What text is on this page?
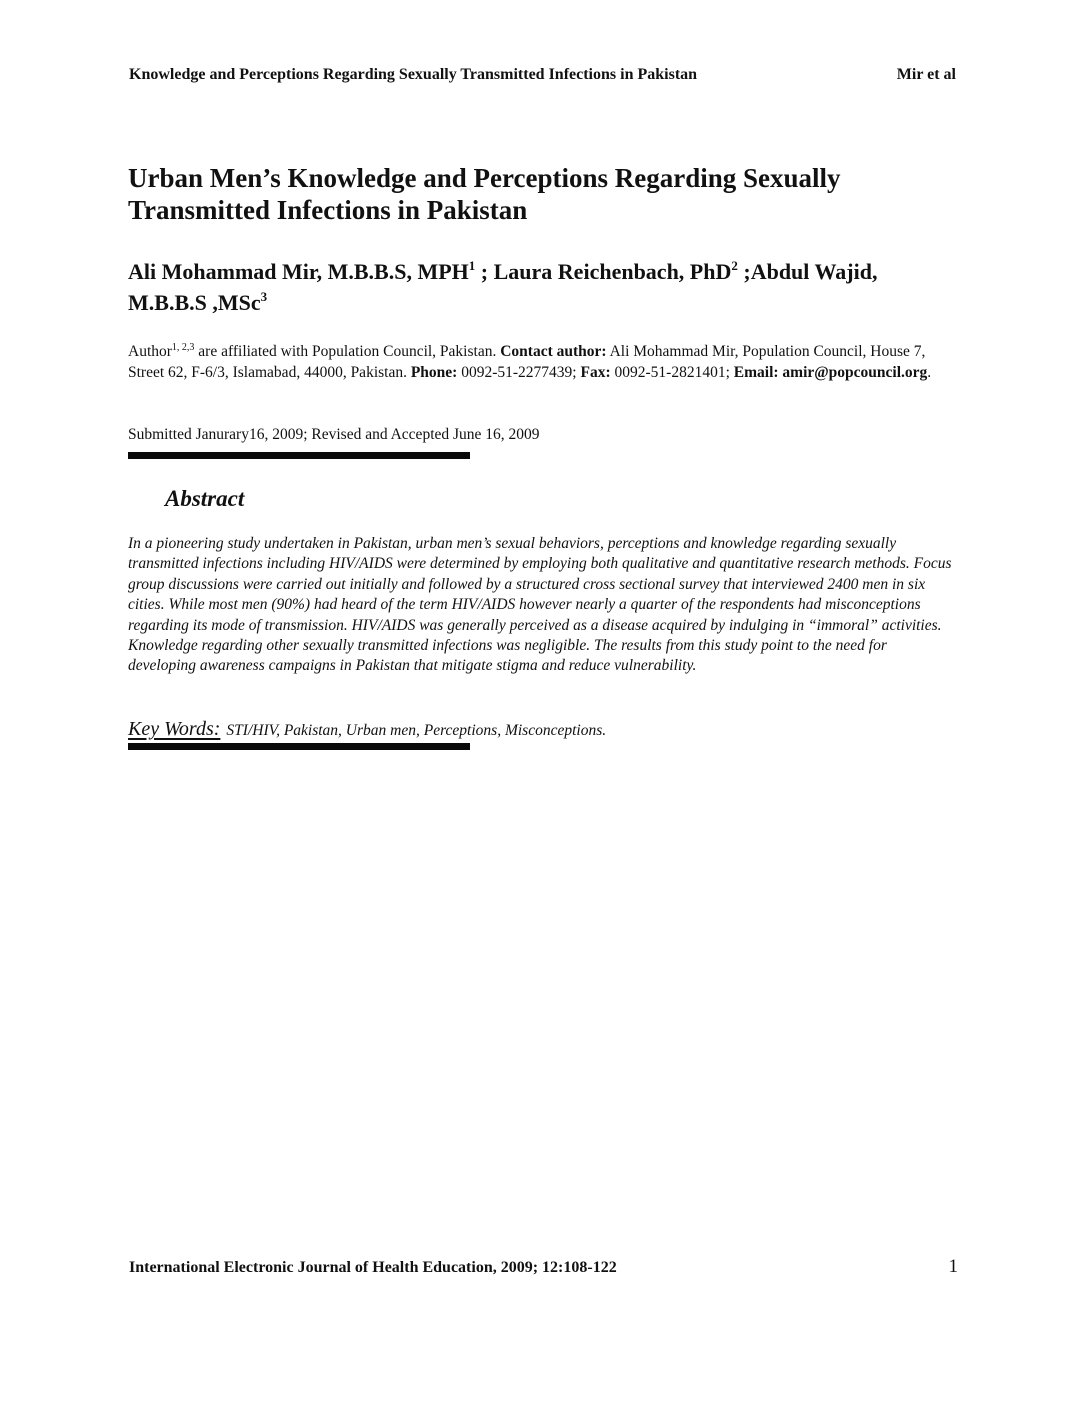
Knowledge and Perceptions Regarding Sexually Transmitted Infections in Pakistan	Mir et al
Urban Men’s Knowledge and Perceptions Regarding Sexually Transmitted Infections in Pakistan
Ali Mohammad Mir, M.B.B.S, MPH$^1$ ; Laura Reichenbach, PhD$^2$ ;Abdul Wajid, M.B.B.S ,MSc$^3$
Author$^{1, 2,3}$ are affiliated with Population Council, Pakistan. Contact author: Ali Mohammad Mir, Population Council, House 7, Street 62, F-6/3, Islamabad, 44000, Pakistan. Phone: 0092-51-2277439; Fax: 0092-51-2821401; Email: amir@popcouncil.org.
Submitted Janurary16, 2009; Revised and Accepted June 16, 2009
Abstract
In a pioneering study undertaken in Pakistan, urban men’s sexual behaviors, perceptions and knowledge regarding sexually transmitted infections including HIV/AIDS were determined by employing both qualitative and quantitative research methods. Focus group discussions were carried out initially and followed by a structured cross sectional survey that interviewed 2400 men in six cities. While most men (90%) had heard of the term HIV/AIDS however nearly a quarter of the respondents had misconceptions regarding its mode of transmission. HIV/AIDS was generally perceived as a disease acquired by indulging in “immoral” activities. Knowledge regarding other sexually transmitted infections was negligible. The results from this study point to the need for developing awareness campaigns in Pakistan that mitigate stigma and reduce vulnerability.
Key Words: STI/HIV, Pakistan, Urban men, Perceptions, Misconceptions.
International Electronic Journal of Health Education, 2009; 12:108-122	1
